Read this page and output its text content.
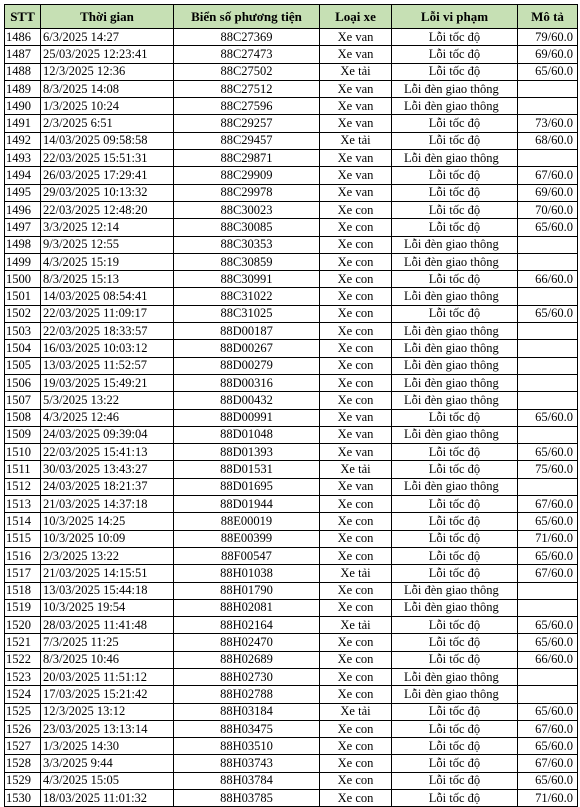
STT	Thời gian	Biển số phương tiện	Loại xe	Lỗi vi phạm	Mô tả
1486	6/3/2025 14:27	88C27369	Xe van	Lỗi tốc độ	79/60.0
1487	25/03/2025 12:23:41	88C27473	Xe van	Lỗi tốc độ	69/60.0
1488	12/3/2025 12:36	88C27502	Xe tải	Lỗi tốc độ	65/60.0
1489	8/3/2025 14:08	88C27512	Xe van	Lỗi đèn giao thông	
1490	1/3/2025 10:24	88C27596	Xe van	Lỗi đèn giao thông	
1491	2/3/2025 6:51	88C29257	Xe van	Lỗi tốc độ	73/60.0
1492	14/03/2025 09:58:58	88C29457	Xe tải	Lỗi tốc độ	68/60.0
1493	22/03/2025 15:51:31	88C29871	Xe van	Lỗi đèn giao thông	
1494	26/03/2025 17:29:41	88C29909	Xe van	Lỗi tốc độ	67/60.0
1495	29/03/2025 10:13:32	88C29978	Xe van	Lỗi tốc độ	69/60.0
1496	22/03/2025 12:48:20	88C30023	Xe con	Lỗi tốc độ	70/60.0
1497	3/3/2025 12:14	88C30085	Xe con	Lỗi tốc độ	65/60.0
1498	9/3/2025 12:55	88C30353	Xe con	Lỗi đèn giao thông	
1499	4/3/2025 15:19	88C30859	Xe con	Lỗi đèn giao thông	
1500	8/3/2025 15:13	88C30991	Xe con	Lỗi tốc độ	66/60.0
1501	14/03/2025 08:54:41	88C31022	Xe con	Lỗi đèn giao thông	
1502	22/03/2025 11:09:17	88C31025	Xe con	Lỗi tốc độ	65/60.0
1503	22/03/2025 18:33:57	88D00187	Xe con	Lỗi đèn giao thông	
1504	16/03/2025 10:03:12	88D00267	Xe con	Lỗi đèn giao thông	
1505	13/03/2025 11:52:57	88D00279	Xe con	Lỗi đèn giao thông	
1506	19/03/2025 15:49:21	88D00316	Xe con	Lỗi đèn giao thông	
1507	5/3/2025 13:22	88D00432	Xe con	Lỗi đèn giao thông	
1508	4/3/2025 12:46	88D00991	Xe van	Lỗi tốc độ	65/60.0
1509	24/03/2025 09:39:04	88D01048	Xe van	Lỗi đèn giao thông	
1510	22/03/2025 15:41:13	88D01393	Xe van	Lỗi tốc độ	65/60.0
1511	30/03/2025 13:43:27	88D01531	Xe tải	Lỗi tốc độ	75/60.0
1512	24/03/2025 18:21:37	88D01695	Xe van	Lỗi đèn giao thông	
1513	21/03/2025 14:37:18	88D01944	Xe con	Lỗi tốc độ	67/60.0
1514	10/3/2025 14:25	88E00019	Xe con	Lỗi tốc độ	65/60.0
1515	10/3/2025 10:09	88E00399	Xe con	Lỗi tốc độ	71/60.0
1516	2/3/2025 13:22	88F00547	Xe con	Lỗi tốc độ	65/60.0
1517	21/03/2025 14:15:51	88H01038	Xe tải	Lỗi tốc độ	67/60.0
1518	13/03/2025 15:44:18	88H01790	Xe con	Lỗi đèn giao thông	
1519	10/3/2025 19:54	88H02081	Xe con	Lỗi đèn giao thông	
1520	28/03/2025 11:41:48	88H02164	Xe tải	Lỗi tốc độ	65/60.0
1521	7/3/2025 11:25	88H02470	Xe con	Lỗi tốc độ	65/60.0
1522	8/3/2025 10:46	88H02689	Xe con	Lỗi tốc độ	66/60.0
1523	20/03/2025 11:51:12	88H02730	Xe con	Lỗi đèn giao thông	
1524	17/03/2025 15:21:42	88H02788	Xe con	Lỗi đèn giao thông	
1525	12/3/2025 13:12	88H03184	Xe tải	Lỗi tốc độ	65/60.0
1526	23/03/2025 13:13:14	88H03475	Xe con	Lỗi tốc độ	67/60.0
1527	1/3/2025 14:30	88H03510	Xe con	Lỗi tốc độ	65/60.0
1528	3/3/2025 9:44	88H03743	Xe con	Lỗi tốc độ	67/60.0
1529	4/3/2025 15:05	88H03784	Xe con	Lỗi tốc độ	65/60.0
1530	18/03/2025 11:01:32	88H03785	Xe con	Lỗi tốc độ	71/60.0
